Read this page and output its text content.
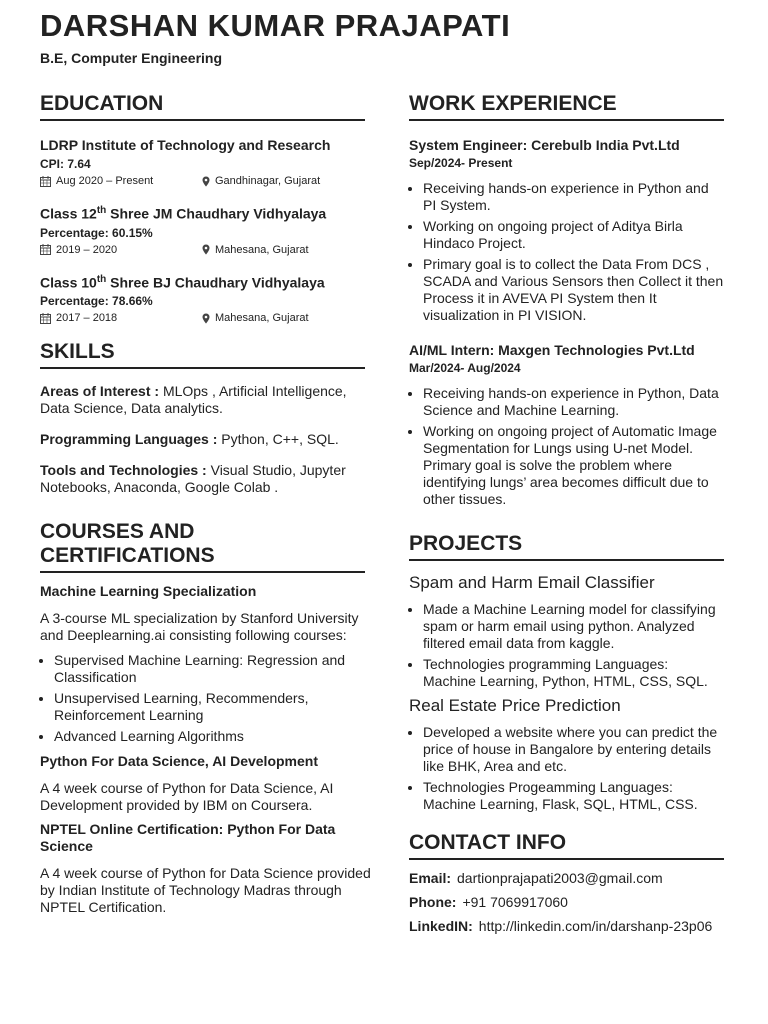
DARSHAN KUMAR PRAJAPATI
B.E, Computer Engineering
EDUCATION
LDRP Institute of Technology and Research
CPI: 7.64
Aug 2020 – Present	Gandhinagar, Gujarat
Class 12th Shree JM Chaudhary Vidhyalaya
Percentage: 60.15%
2019 – 2020	Mahesana, Gujarat
Class 10th Shree BJ Chaudhary Vidhyalaya
Percentage: 78.66%
2017 – 2018	Mahesana, Gujarat
SKILLS
Areas of Interest : MLOps , Artificial Intelligence, Data Science, Data analytics.
Programming Languages : Python, C++, SQL.
Tools and Technologies : Visual Studio, Jupyter Notebooks, Anaconda, Google Colab .
COURSES AND CERTIFICATIONS
Machine Learning Specialization
A 3-course ML specialization by Stanford University and Deeplearning.ai consisting following courses:
• Supervised Machine Learning: Regression and Classification
• Unsupervised Learning, Recommenders, Reinforcement Learning
• Advanced Learning Algorithms
Python For Data Science, AI Development
A 4 week course of Python for Data Science, AI Development provided by IBM on Coursera.
NPTEL Online Certification: Python For Data Science
A 4 week course of Python for Data Science provided by Indian Institute of Technology Madras through NPTEL Certification.
WORK EXPERIENCE
System Engineer: Cerebulb India Pvt.Ltd
Sep/2024- Present
• Receiving hands-on experience in Python and PI System.
• Working on ongoing project of Aditya Birla Hindaco Project.
• Primary goal is to collect the Data From DCS , SCADA and Various Sensors then Collect it then Process it in AVEVA PI System then It visualization in PI VISION.
AI/ML Intern: Maxgen Technologies Pvt.Ltd
Mar/2024- Aug/2024
• Receiving hands-on experience in Python, Data Science and Machine Learning.
• Working on ongoing project of Automatic Image Segmentation for Lungs using U-net Model. Primary goal is solve the problem where identifying lungs’ area becomes difficult due to other tissues.
PROJECTS
Spam and Harm Email Classifier
• Made a Machine Learning model for classifying spam or harm email using python. Analyzed filtered email data from kaggle.
• Technologies programming Languages: Machine Learning, Python, HTML, CSS, SQL.
Real Estate Price Prediction
• Developed a website where you can predict the price of house in Bangalore by entering details like BHK, Area and etc.
• Technologies Progeamming Languages: Machine Learning, Flask, SQL, HTML, CSS.
CONTACT INFO
Email: dartionprajapati2003@gmail.com
Phone: +91 7069917060
LinkedIN: http://linkedin.com/in/darshanp-23p06
